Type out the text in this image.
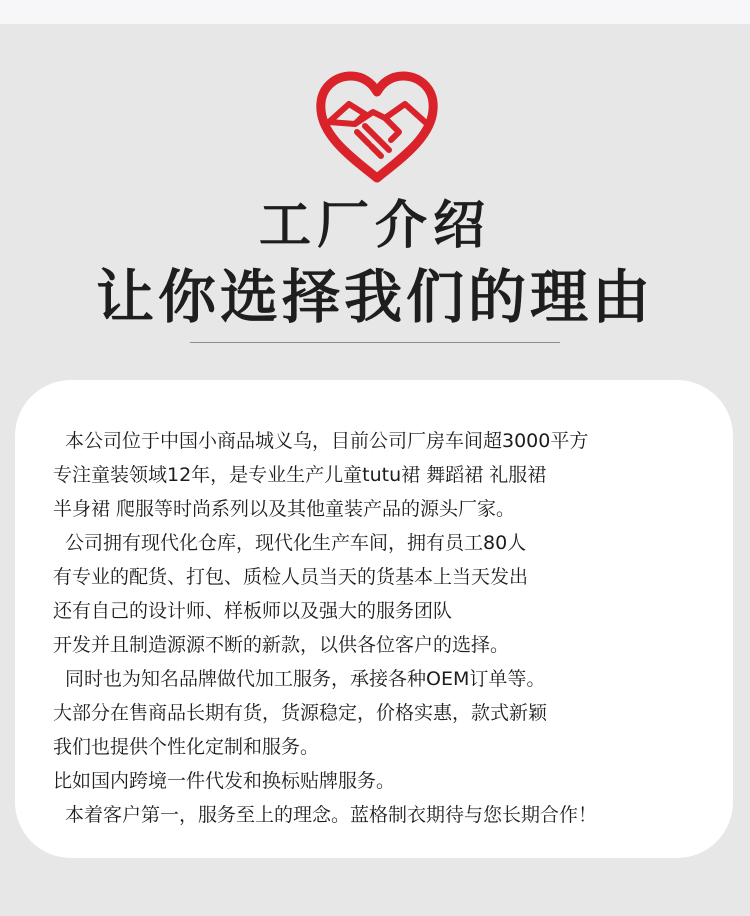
工厂介绍
让你选择我们的理由

本公司位于中国小商品城义乌，目前公司厂房车间超3000平方

专注童装领域12年，是专业生产儿童tutu裙 舞蹈裙 礼服裙

半身裙 爬服等时尚系列以及其他童装产品的源头厂家。

公司拥有现代化仓库，现代化生产车间，拥有员工80人

有专业的配货、打包、质检人员当天的货基本上当天发出

还有自己的设计师、样板师以及强大的服务团队

开发并且制造源源不断的新款，以供各位客户的选择。

同时也为知名品牌做代加工服务，承接各种OEM订单等。

大部分在售商品长期有货，货源稳定，价格实惠，款式新颖

我们也提供个性化定制和服务。

比如国内跨境一件代发和换标贴牌服务。

本着客户第一，服务至上的理念。蓝格制衣期待与您长期合作！
